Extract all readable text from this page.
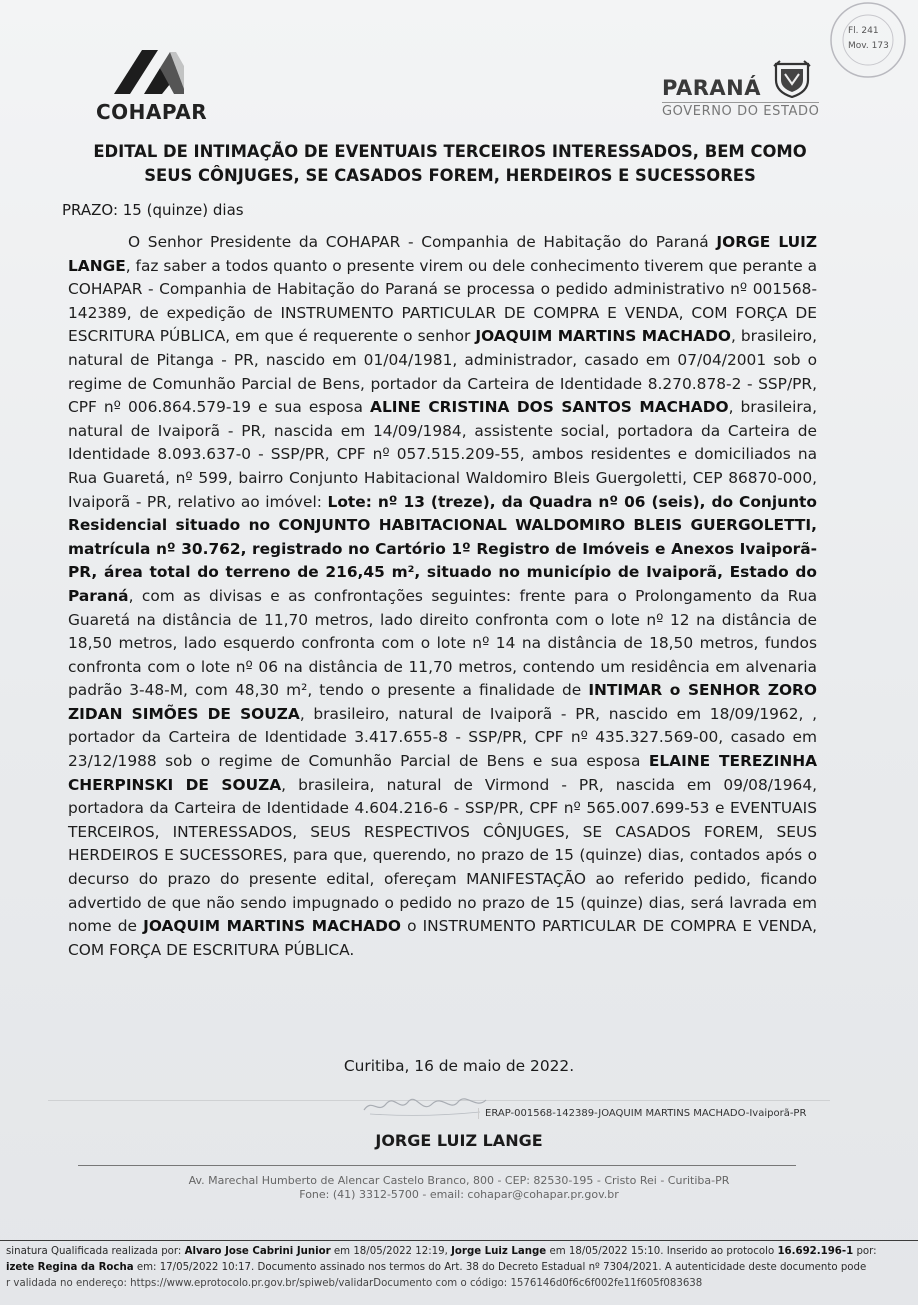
COHAPAR
PARANÁ
GOVERNO DO ESTADO
Fl. 241
Mov. 173
EDITAL DE INTIMAÇÃO DE EVENTUAIS TERCEIROS INTERESSADOS, BEM COMO
SEUS CÔNJUGES, SE CASADOS FOREM, HERDEIROS E SUCESSORES
PRAZO: 15 (quinze) dias
O Senhor Presidente da COHAPAR - Companhia de Habitação do Paraná JORGE LUIZ LANGE, faz saber a todos quanto o presente virem ou dele conhecimento tiverem que perante a COHAPAR - Companhia de Habitação do Paraná se processa o pedido administrativo nº 001568-142389, de expedição de INSTRUMENTO PARTICULAR DE COMPRA E VENDA, COM FORÇA DE ESCRITURA PÚBLICA, em que é requerente o senhor JOAQUIM MARTINS MACHADO, brasileiro, natural de Pitanga - PR, nascido em 01/04/1981, administrador, casado em 07/04/2001 sob o regime de Comunhão Parcial de Bens, portador da Carteira de Identidade 8.270.878-2 - SSP/PR, CPF nº 006.864.579-19 e sua esposa ALINE CRISTINA DOS SANTOS MACHADO, brasileira, natural de Ivaiporã - PR, nascida em 14/09/1984, assistente social, portadora da Carteira de Identidade 8.093.637-0 - SSP/PR, CPF nº 057.515.209-55, ambos residentes e domiciliados na Rua Guaretá, nº 599, bairro Conjunto Habitacional Waldomiro Bleis Guergoletti, CEP 86870-000, Ivaiporã - PR, relativo ao imóvel: Lote: nº 13 (treze), da Quadra nº 06 (seis), do Conjunto Residencial situado no CONJUNTO HABITACIONAL WALDOMIRO BLEIS GUERGOLETTI, matrícula nº 30.762, registrado no Cartório 1º Registro de Imóveis e Anexos Ivaiporã-PR, área total do terreno de 216,45 m², situado no município de Ivaiporã, Estado do Paraná, com as divisas e as confrontações seguintes: frente para o Prolongamento da Rua Guaretá na distância de 11,70 metros, lado direito confronta com o lote nº 12 na distância de 18,50 metros, lado esquerdo confronta com o lote nº 14 na distância de 18,50 metros, fundos confronta com o lote nº 06 na distância de 11,70 metros, contendo um residência em alvenaria padrão 3-48-M, com 48,30 m², tendo o presente a finalidade de INTIMAR o SENHOR ZORO ZIDAN SIMÕES DE SOUZA, brasileiro, natural de Ivaiporã - PR, nascido em 18/09/1962, , portador da Carteira de Identidade 3.417.655-8 - SSP/PR, CPF nº 435.327.569-00, casado em 23/12/1988 sob o regime de Comunhão Parcial de Bens e sua esposa ELAINE TEREZINHA CHERPINSKI DE SOUZA, brasileira, natural de Virmond - PR, nascida em 09/08/1964, portadora da Carteira de Identidade 4.604.216-6 - SSP/PR, CPF nº 565.007.699-53 e EVENTUAIS TERCEIROS, INTERESSADOS, SEUS RESPECTIVOS CÔNJUGES, SE CASADOS FOREM, SEUS HERDEIROS E SUCESSORES, para que, querendo, no prazo de 15 (quinze) dias, contados após o decurso do prazo do presente edital, ofereçam MANIFESTAÇÃO ao referido pedido, ficando advertido de que não sendo impugnado o pedido no prazo de 15 (quinze) dias, será lavrada em nome de JOAQUIM MARTINS MACHADO o INSTRUMENTO PARTICULAR DE COMPRA E VENDA, COM FORÇA DE ESCRITURA PÚBLICA.
Curitiba, 16 de maio de 2022.
ERAP-001568-142389-JOAQUIM MARTINS MACHADO-Ivaiporã-PR
JORGE LUIZ LANGE
Av. Marechal Humberto de Alencar Castelo Branco, 800 - CEP: 82530-195 - Cristo Rei - Curitiba-PR
Fone: (41) 3312-5700 - email: cohapar@cohapar.pr.gov.br
sinatura Qualificada realizada por: Alvaro Jose Cabrini Junior em 18/05/2022 12:19, Jorge Luiz Lange em 18/05/2022 15:10. Inserido ao protocolo 16.692.196-1 por:
izete Regina da Rocha em: 17/05/2022 10:17. Documento assinado nos termos do Art. 38 do Decreto Estadual nº 7304/2021. A autenticidade deste documento pode
r validada no endereço: https://www.eprotocolo.pr.gov.br/spiweb/validarDocumento com o código: 1576146d0f6c6f002fe11f605f083638
